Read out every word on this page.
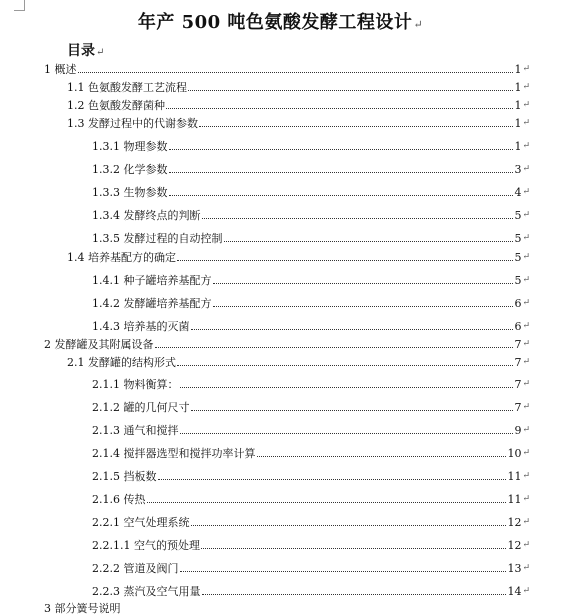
年产 500 吨色氨酸发酵工程设计↵
目录↵
1 概述	1 ↵
1.1 色氨酸发酵工艺流程	1 ↵
1.2 色氨酸发酵菌种	1 ↵
1.3 发酵过程中的代谢参数	1 ↵
1.3.1 物理参数	1 ↵
1.3.2 化学参数	3 ↵
1.3.3 生物参数	4 ↵
1.3.4 发酵终点的判断	5 ↵
1.3.5 发酵过程的自动控制	5 ↵
1.4 培养基配方的确定	5 ↵
1.4.1 种子罐培养基配方	5 ↵
1.4.2 发酵罐培养基配方	6 ↵
1.4.3 培养基的灭菌	6 ↵
2 发酵罐及其附属设备	7 ↵
2.1 发酵罐的结构形式	7 ↵
2.1.1 物料衡算：	7 ↵
2.1.2 罐的几何尺寸	7 ↵
2.1.3 通气和搅拌	9 ↵
2.1.4 搅拌器选型和搅拌功率计算	10 ↵
2.1.5 挡板数	11 ↵
2.1.6 传热	11 ↵
2.2.1 空气处理系统	12 ↵
2.2.1.1 空气的预处理	12 ↵
2.2.2 管道及阀门	13 ↵
2.2.3 蒸汽及空气用量	14 ↵
3 部分簧号说明
